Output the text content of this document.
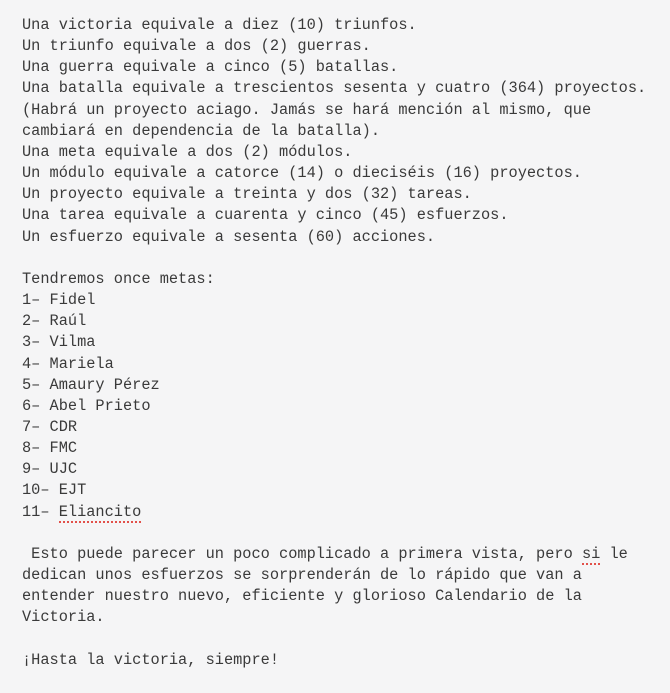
Una victoria equivale a diez (10) triunfos.
Un triunfo equivale a dos (2) guerras.
Una guerra equivale a cinco (5) batallas.
Una batalla equivale a trescientos sesenta y cuatro (364) proyectos.
(Habrá un proyecto aciago. Jamás se hará mención al mismo, que
cambiará en dependencia de la batalla).
Una meta equivale a dos (2) módulos.
Un módulo equivale a catorce (14) o dieciséis (16) proyectos.
Un proyecto equivale a treinta y dos (32) tareas.
Una tarea equivale a cuarenta y cinco (45) esfuerzos.
Un esfuerzo equivale a sesenta (60) acciones.
Tendremos once metas:
1– Fidel
2– Raúl
3– Vilma
4– Mariela
5– Amaury Pérez
6– Abel Prieto
7– CDR
8– FMC
9– UJC
10– EJT
11– Eliancito
Esto puede parecer un poco complicado a primera vista, pero si le
dedican unos esfuerzos se sorprenderán de lo rápido que van a
entender nuestro nuevo, eficiente y glorioso Calendario de la
Victoria.
¡Hasta la victoria, siempre!
